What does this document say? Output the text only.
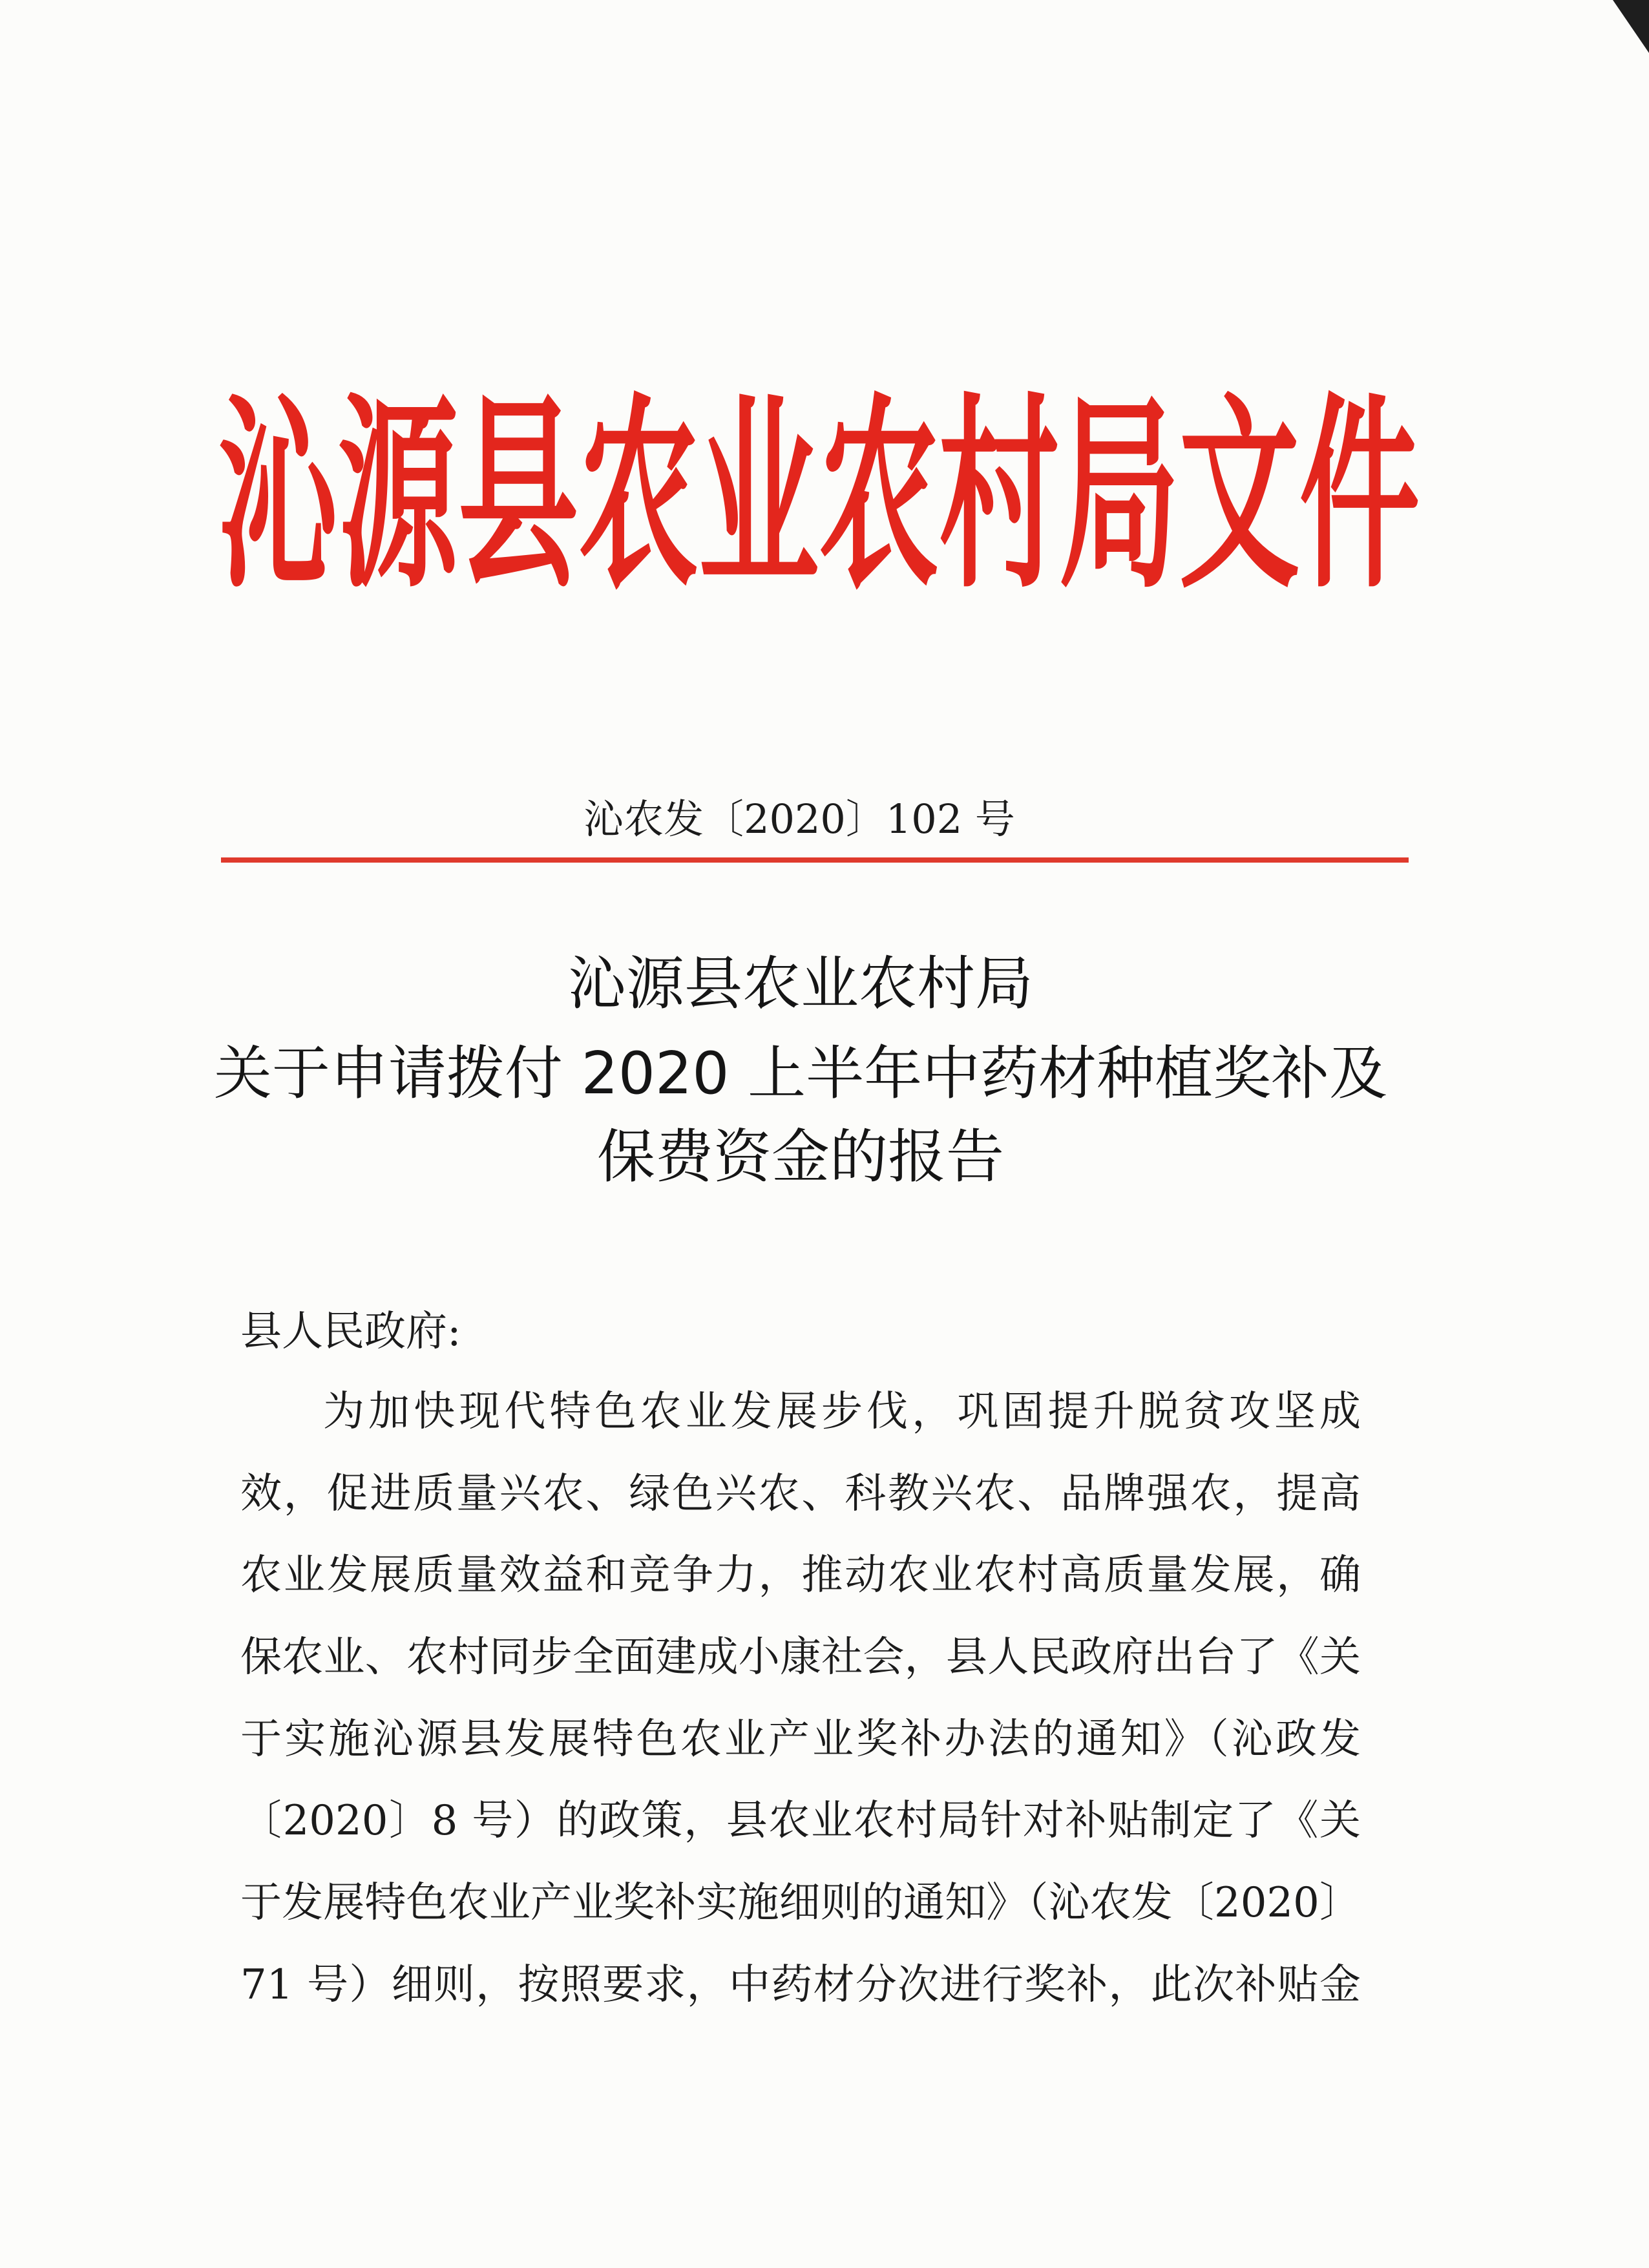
沁源县农业农村局文件
沁农发〔2020〕102 号
沁源县农业农村局
关于申请拨付 2020 上半年中药材种植奖补及
保费资金的报告
县人民政府:
为加快现代特色农业发展步伐，巩固提升脱贫攻坚成
效，促进质量兴农、绿色兴农、科教兴农、品牌强农，提高
农业发展质量效益和竞争力，推动农业农村高质量发展，确
保农业、农村同步全面建成小康社会，县人民政府出台了《关
于实施沁源县发展特色农业产业奖补办法的通知》（沁政发
〔2020〕8 号）的政策，县农业农村局针对补贴制定了《关
于发展特色农业产业奖补实施细则的通知》（沁农发〔2020〕
71 号）细则，按照要求，中药材分次进行奖补，此次补贴金
